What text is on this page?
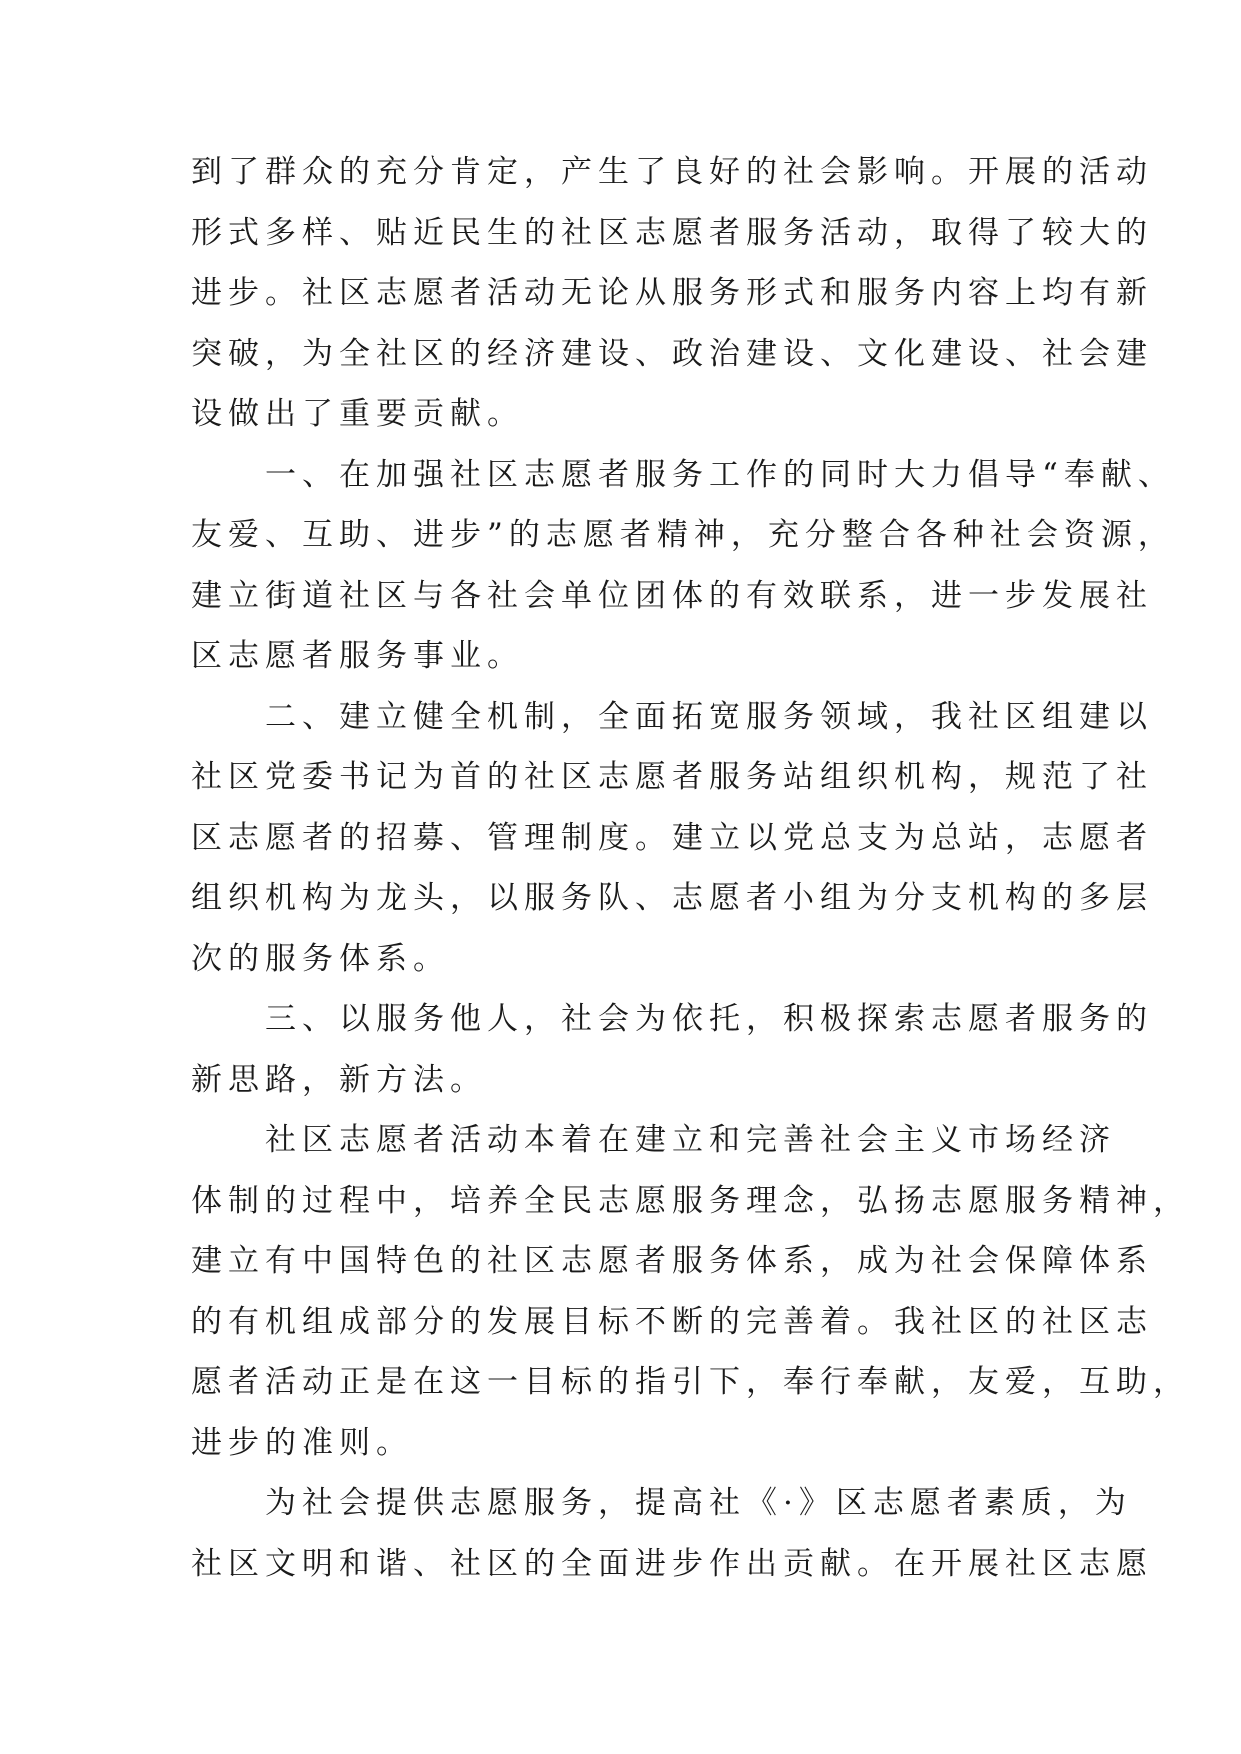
到了群众的充分肯定，产生了良好的社会影响。开展的活动
形式多样、贴近民生的社区志愿者服务活动，取得了较大的
进步。社区志愿者活动无论从服务形式和服务内容上均有新
突破，为全社区的经济建设、政治建设、文化建设、社会建
设做出了重要贡献。
　　一、在加强社区志愿者服务工作的同时大力倡导“奉献、
友爱、互助、进步”的志愿者精神，充分整合各种社会资源，
建立街道社区与各社会单位团体的有效联系，进一步发展社
区志愿者服务事业。
　　二、建立健全机制，全面拓宽服务领域，我社区组建以
社区党委书记为首的社区志愿者服务站组织机构，规范了社
区志愿者的招募、管理制度。建立以党总支为总站，志愿者
组织机构为龙头，以服务队、志愿者小组为分支机构的多层
次的服务体系。
　　三、以服务他人，社会为依托，积极探索志愿者服务的
新思路，新方法。
　　社区志愿者活动本着在建立和完善社会主义市场经济
体制的过程中，培养全民志愿服务理念，弘扬志愿服务精神，
建立有中国特色的社区志愿者服务体系，成为社会保障体系
的有机组成部分的发展目标不断的完善着。我社区的社区志
愿者活动正是在这一目标的指引下，奉行奉献，友爱，互助，
进步的准则。
　　为社会提供志愿服务，提高社《·》区志愿者素质，为
社区文明和谐、社区的全面进步作出贡献。在开展社区志愿
